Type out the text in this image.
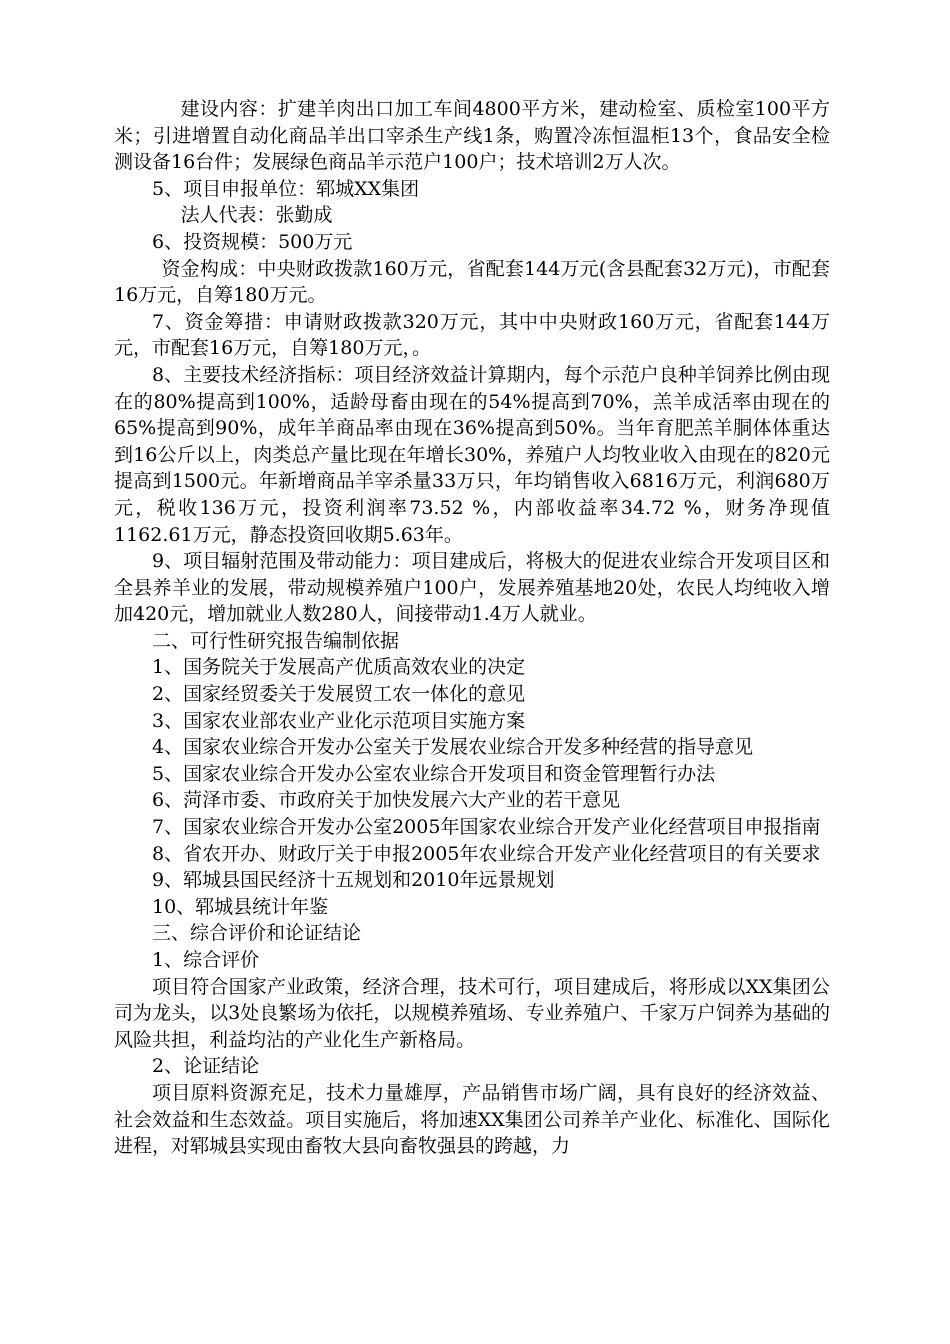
建设内容：扩建羊肉出口加工车间4800平方米，建动检室、质检室100平方米；引进增置自动化商品羊出口宰杀生产线1条，购置冷冻恒温柜13个，食品安全检测设备16台件；发展绿色商品羊示范户100户；技术培训2万人次。

5、项目申报单位：郓城XX集团

法人代表：张勤成

6、投资规模：500万元

资金构成：中央财政拨款160万元，省配套144万元(含县配套32万元)，市配套16万元，自筹180万元。

7、资金筹措：申请财政拨款320万元，其中中央财政160万元，省配套144万元，市配套16万元，自筹180万元，。

8、主要技术经济指标：项目经济效益计算期内，每个示范户良种羊饲养比例由现在的80%提高到100%，适龄母畜由现在的54%提高到70%，羔羊成活率由现在的65%提高到90%，成年羊商品率由现在36%提高到50%。当年育肥羔羊胴体体重达到16公斤以上，肉类总产量比现在年增长30%，养殖户人均牧业收入由现在的820元提高到1500元。年新增商品羊宰杀量33万只，年均销售收入6816万元，利润680万元，税收136万元，投资利润率73.52 %，内部收益率34.72 %，财务净现值1162.61万元，静态投资回收期5.63年。

9、项目辐射范围及带动能力：项目建成后，将极大的促进农业综合开发项目区和全县养羊业的发展，带动规模养殖户100户，发展养殖基地20处，农民人均纯收入增加420元，增加就业人数280人，间接带动1.4万人就业。

二、可行性研究报告编制依据

1、国务院关于发展高产优质高效农业的决定

2、国家经贸委关于发展贸工农一体化的意见

3、国家农业部农业产业化示范项目实施方案

4、国家农业综合开发办公室关于发展农业综合开发多种经营的指导意见

5、国家农业综合开发办公室农业综合开发项目和资金管理暂行办法

6、菏泽市委、市政府关于加快发展六大产业的若干意见

7、国家农业综合开发办公室2005年国家农业综合开发产业化经营项目申报指南

8、省农开办、财政厅关于申报2005年农业综合开发产业化经营项目的有关要求

9、郓城县国民经济十五规划和2010年远景规划

10、郓城县统计年鉴

三、综合评价和论证结论

1、综合评价

项目符合国家产业政策，经济合理，技术可行，项目建成后，将形成以XX集团公司为龙头，以3处良繁场为依托，以规模养殖场、专业养殖户、千家万户饲养为基础的风险共担，利益均沾的产业化生产新格局。

2、论证结论

项目原料资源充足，技术力量雄厚，产品销售市场广阔，具有良好的经济效益、社会效益和生态效益。项目实施后，将加速XX集团公司养羊产业化、标准化、国际化进程，对郓城县实现由畜牧大县向畜牧强县的跨越，力
